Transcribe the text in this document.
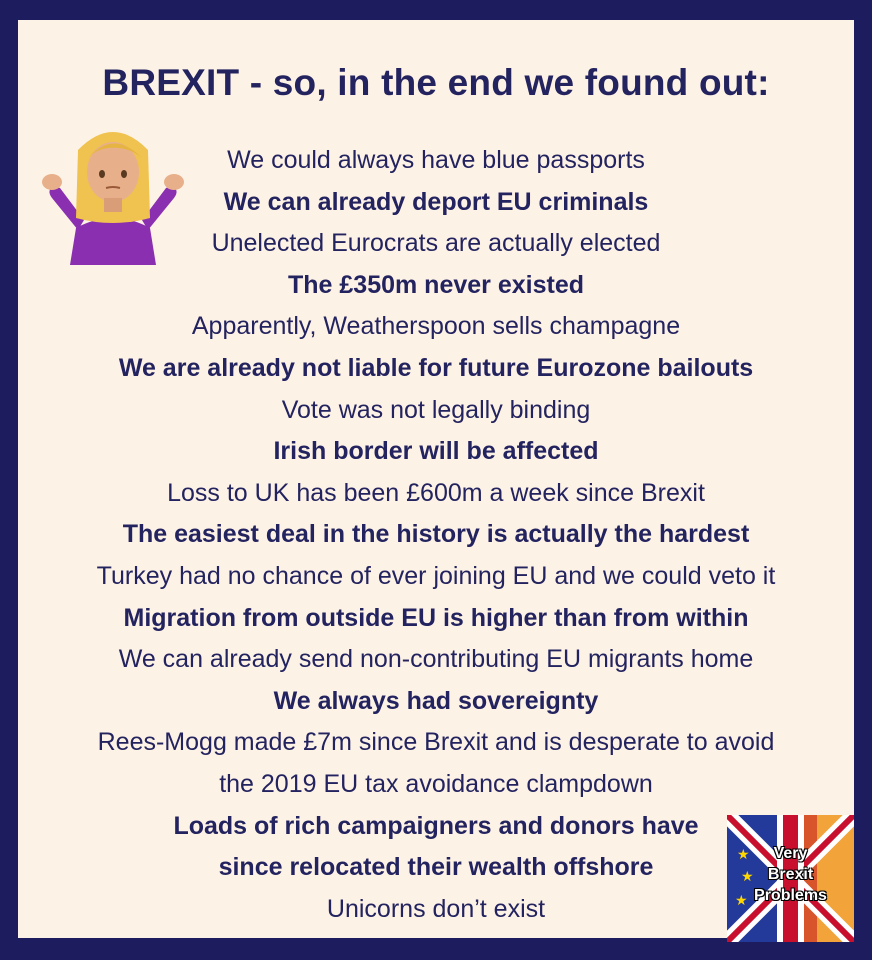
BREXIT - so, in the end we found out:
We could always have blue passports
We can already deport EU criminals
Unelected Eurocrats are actually elected
The £350m never existed
Apparently, Weatherspoon sells champagne
We are already not liable for future Eurozone bailouts
Vote was not legally binding
Irish border will be affected
Loss to UK has been £600m a week since Brexit
The easiest deal in the history is actually the hardest
Turkey had no chance of ever joining EU and we could veto it
Migration from outside EU is higher than from within
We can already send non-contributing EU migrants home
We always had sovereignty
Rees-Mogg made £7m since Brexit and is desperate to avoid
the 2019 EU tax avoidance clampdown
Loads of rich campaigners and donors have
since relocated their wealth offshore
Unicorns don’t exist
★
★
★
Very
Brexit
Problems
